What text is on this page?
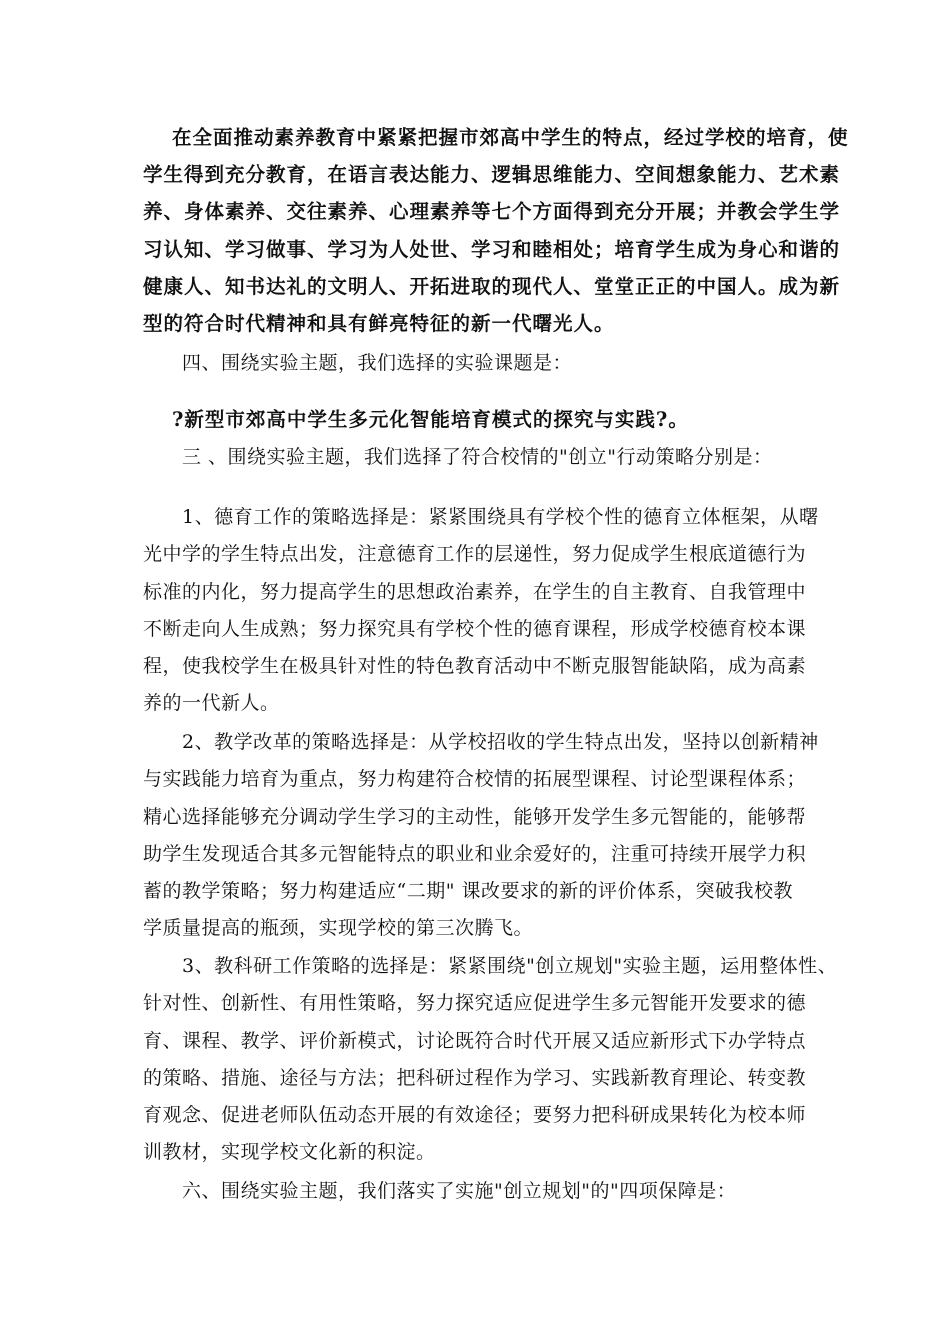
在全面推动素养教育中紧紧把握市郊高中学生的特点，经过学校的培育，使
学生得到充分教育，在语言表达能力、逻辑思维能力、空间想象能力、艺术素
养、身体素养、交往素养、心理素养等七个方面得到充分开展；并教会学生学
习认知、学习做事、学习为人处世、学习和睦相处；培育学生成为身心和谐的
健康人、知书达礼的文明人、开拓进取的现代人、堂堂正正的中国人。成为新
型的符合时代精神和具有鲜亮特征的新一代曙光人。
四、围绕实验主题，我们选择的实验课题是：
?新型市郊高中学生多元化智能培育模式的探究与实践?。
三 、围绕实验主题，我们选择了符合校情的"创立"行动策略分别是：
1、德育工作的策略选择是：紧紧围绕具有学校个性的德育立体框架，从曙
光中学的学生特点出发，注意德育工作的层递性，努力促成学生根底道德行为
标准的内化，努力提高学生的思想政治素养，在学生的自主教育、自我管理中
不断走向人生成熟；努力探究具有学校个性的德育课程，形成学校德育校本课
程，使我校学生在极具针对性的特色教育活动中不断克服智能缺陷，成为高素
养的一代新人。
2、教学改革的策略选择是：从学校招收的学生特点出发，坚持以创新精神
与实践能力培育为重点，努力构建符合校情的拓展型课程、讨论型课程体系；
精心选择能够充分调动学生学习的主动性，能够开发学生多元智能的，能够帮
助学生发现适合其多元智能特点的职业和业余爱好的，注重可持续开展学力积
蓄的教学策略；努力构建适应“二期" 课改要求的新的评价体系，突破我校教
学质量提高的瓶颈，实现学校的第三次腾飞。
3、教科研工作策略的选择是：紧紧围绕"创立规划"实验主题，运用整体性、
针对性、创新性、有用性策略，努力探究适应促进学生多元智能开发要求的德
育、课程、教学、评价新模式，讨论既符合时代开展又适应新形式下办学特点
的策略、措施、途径与方法；把科研过程作为学习、实践新教育理论、转变教
育观念、促进老师队伍动态开展的有效途径；要努力把科研成果转化为校本师
训教材，实现学校文化新的积淀。
六、围绕实验主题，我们落实了实施"创立规划"的"四项保障是：
